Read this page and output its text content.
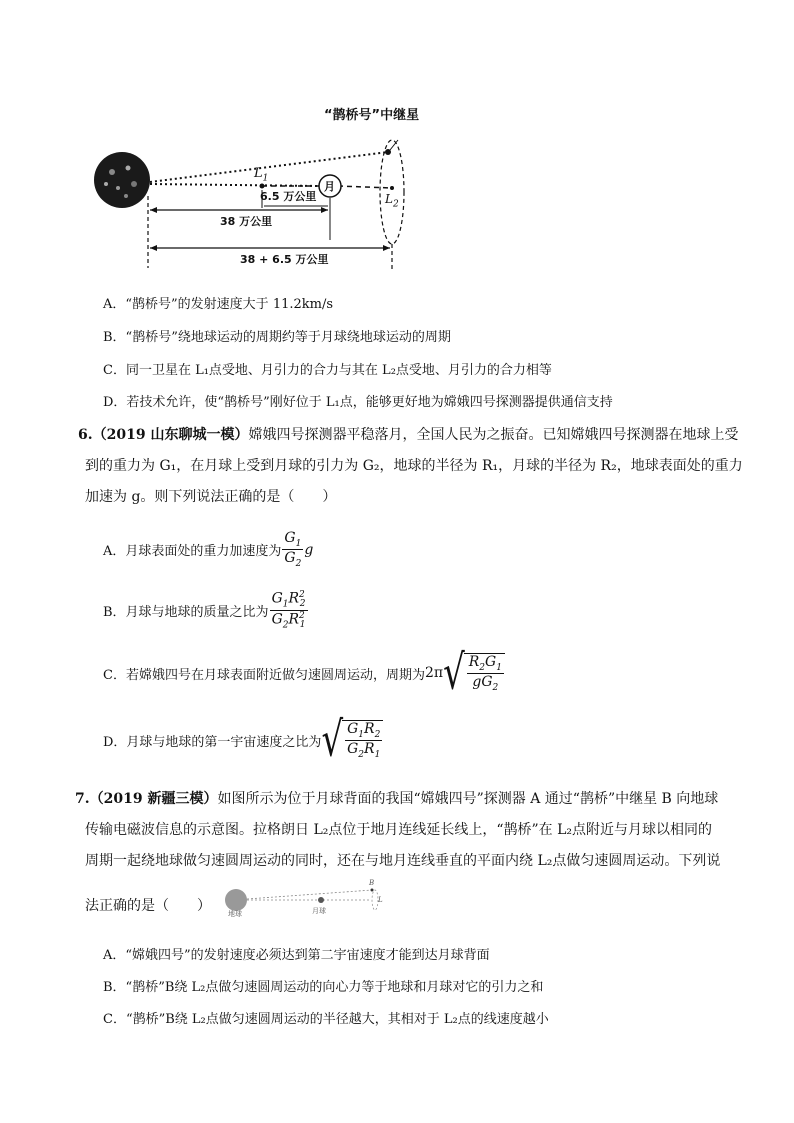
“鹊桥号”中继星
$L_1$
月
$L_2$
6.5 万公里
38 万公里
38 + 6.5 万公里
A．“鹊桥号”的发射速度大于 11.2km/s
B．“鹊桥号”绕地球运动的周期约等于月球绕地球运动的周期
C．同一卫星在 L₁点受地、月引力的合力与其在 L₂点受地、月引力的合力相等
D．若技术允许，使“鹊桥号”刚好位于 L₁点，能够更好地为嫦娥四号探测器提供通信支持
6.（2019 山东聊城一模）嫦娥四号探测器平稳落月，全国人民为之振奋。已知嫦娥四号探测器在地球上受
到的重力为 G₁，在月球上受到月球的引力为 G₂，地球的半径为 R₁，月球的半径为 R₂，地球表面处的重力
加速为 g。则下列说法正确的是（　　）
A．月球表面处的重力加速度为 $\frac{G_1}{G_2}$ g
B．月球与地球的质量之比为 $\frac{G_1R^2_2}{G_2R^2_1}$
C．若嫦娥四号在月球表面附近做匀速圆周运动，周期为 2π √ $\frac{R_2G_1}{gG_2}$
D．月球与地球的第一宇宙速度之比为 √ $\frac{G_1R_2}{G_2R_1}$
7.（2019 新疆三模）如图所示为位于月球背面的我国“嫦娥四号”探测器 A 通过“鹊桥”中继星 B 向地球
传输电磁波信息的示意图。拉格朗日 L₂点位于地月连线延长线上，“鹊桥”在 L₂点附近与月球以相同的
周期一起绕地球做匀速圆周运动的同时，还在与地月连线垂直的平面内绕 L₂点做匀速圆周运动。下列说
法正确的是（　　） 地球	月球
B
L
A．“嫦娥四号”的发射速度必须达到第二宇宙速度才能到达月球背面
B．“鹊桥”B绕 L₂点做匀速圆周运动的向心力等于地球和月球对它的引力之和
C．“鹊桥”B绕 L₂点做匀速圆周运动的半径越大，其相对于 L₂点的线速度越小
